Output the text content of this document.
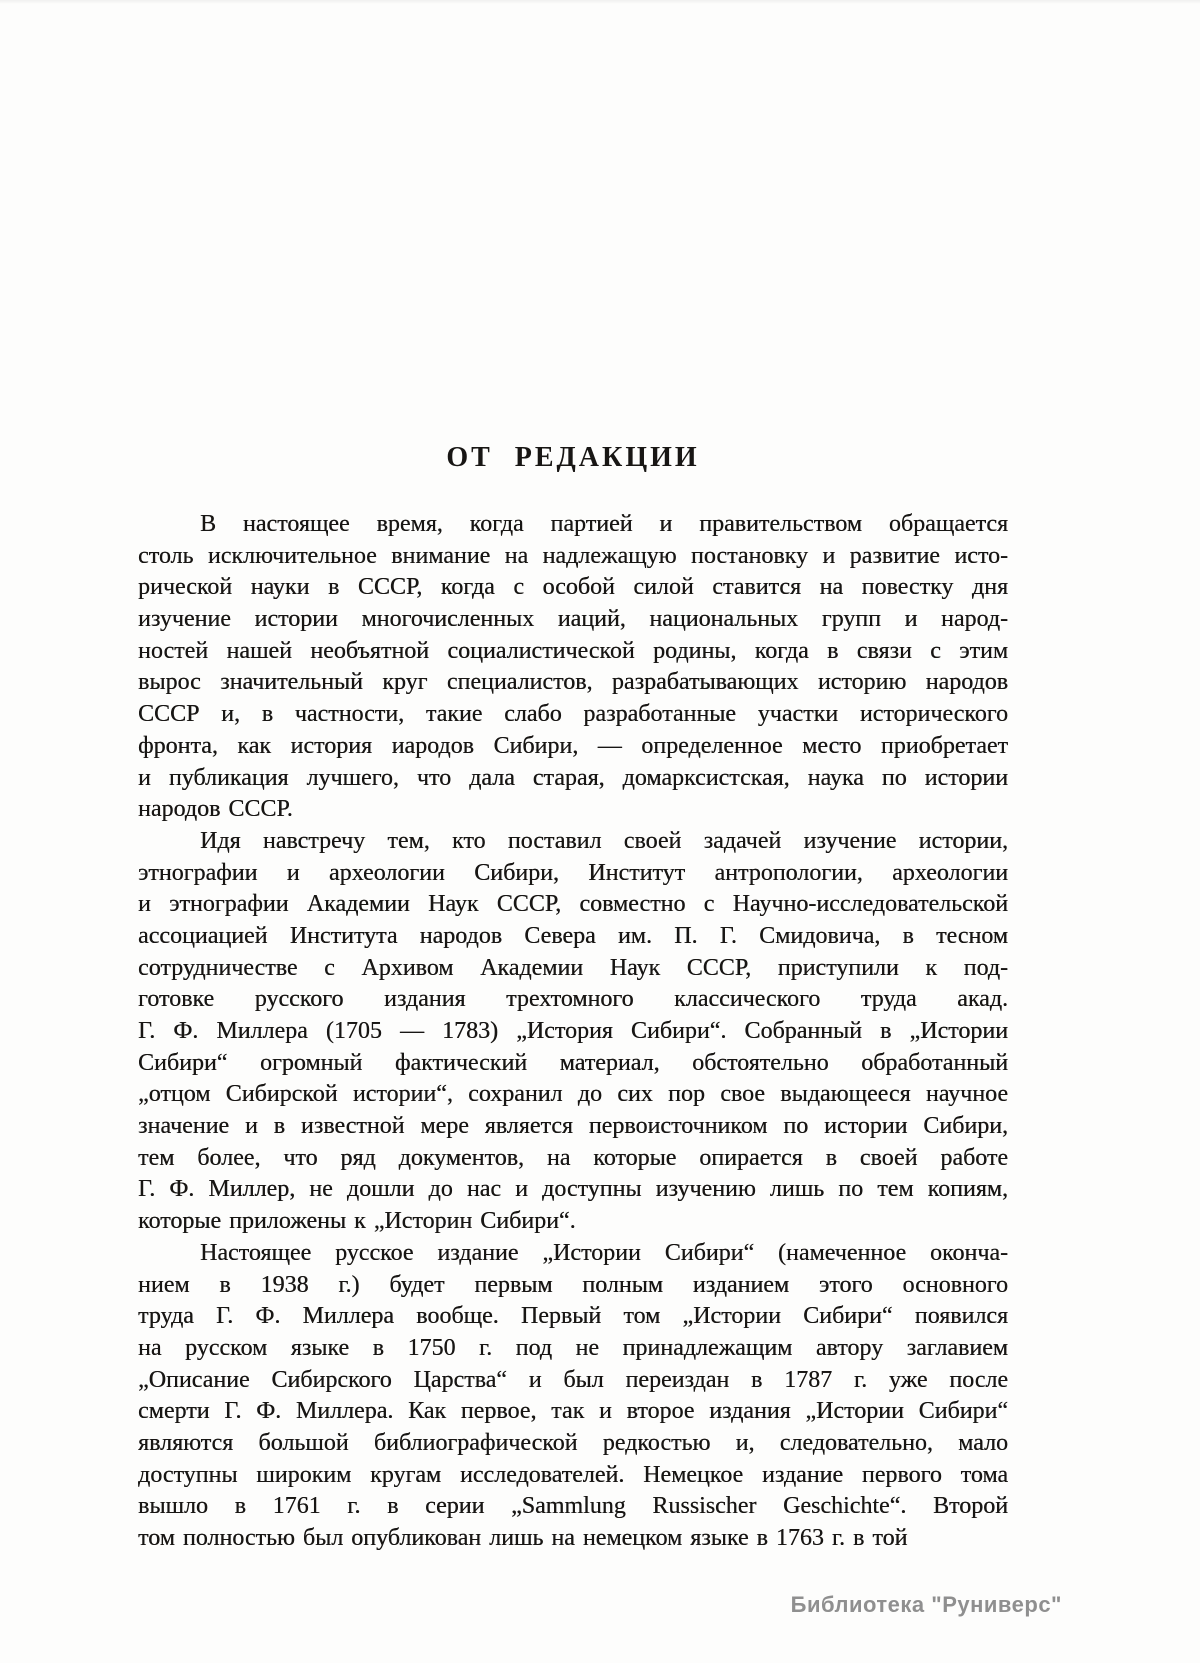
ОТ РЕДАКЦИИ
В настоящее время, когда партией и правительством обращается
столь исключительное внимание на надлежащую постановку и развитие исто-
рической науки в СССР, когда с особой силой ставится на повестку дня
изучение истории многочисленных иаций, национальных групп и народ-
ностей нашей необъятной социалистической родины, когда в связи с этим
вырос значительный круг специалистов, разрабатывающих историю народов
СССР и, в частности, такие слабо разработанные участки исторического
фронта, как история иародов Сибири, — определенное место приобретает
и публикация лучшего, что дала старая, домарксистская, наука по истории
народов СССР.
Идя навстречу тем, кто поставил своей задачей изучение истории,
этнографии и археологии Сибири, Институт антропологии, археологии
и этнографии Академии Наук СССР, совместно с Научно-исследовательской
ассоциацией Института народов Севера им. П. Г. Смидовича, в тесном
сотрудничестве с Архивом Академии Наук СССР, приступили к под-
готовке русского издания трехтомного классического труда акад.
Г. Ф. Миллера (1705 — 1783) „История Сибири“. Собранный в „Истории
Сибири“ огромный фактический материал, обстоятельно обработанный
„отцом Сибирской истории“, сохранил до сих пор свое выдающееся научное
значение и в известной мере является первоисточником по истории Сибири,
тем более, что ряд документов, на которые опирается в своей работе
Г. Ф. Миллер, не дошли до нас и доступны изучению лишь по тем копиям,
которые приложены к „Историн Сибири“.
Настоящее русское издание „Истории Сибири“ (намеченное оконча-
нием в 1938 г.) будет первым полным изданием этого основного
труда Г. Ф. Миллера вообще. Первый том „Истории Сибири“ появился
на русском языке в 1750 г. под не принадлежащим автору заглавием
„Описание Сибирского Царства“ и был переиздан в 1787 г. уже после
смерти Г. Ф. Миллера. Как первое, так и второе издания „Истории Сибири“
являются большой библиографической редкостью и, следовательно, мало
доступны широким кругам исследователей. Немецкое издание первого тома
вышло в 1761 г. в серии „Sammlung Russischer Geschichte“. Второй
том полностью был опубликован лишь на немецком языке в 1763 г. в той
Библиотека "Руниверс"
